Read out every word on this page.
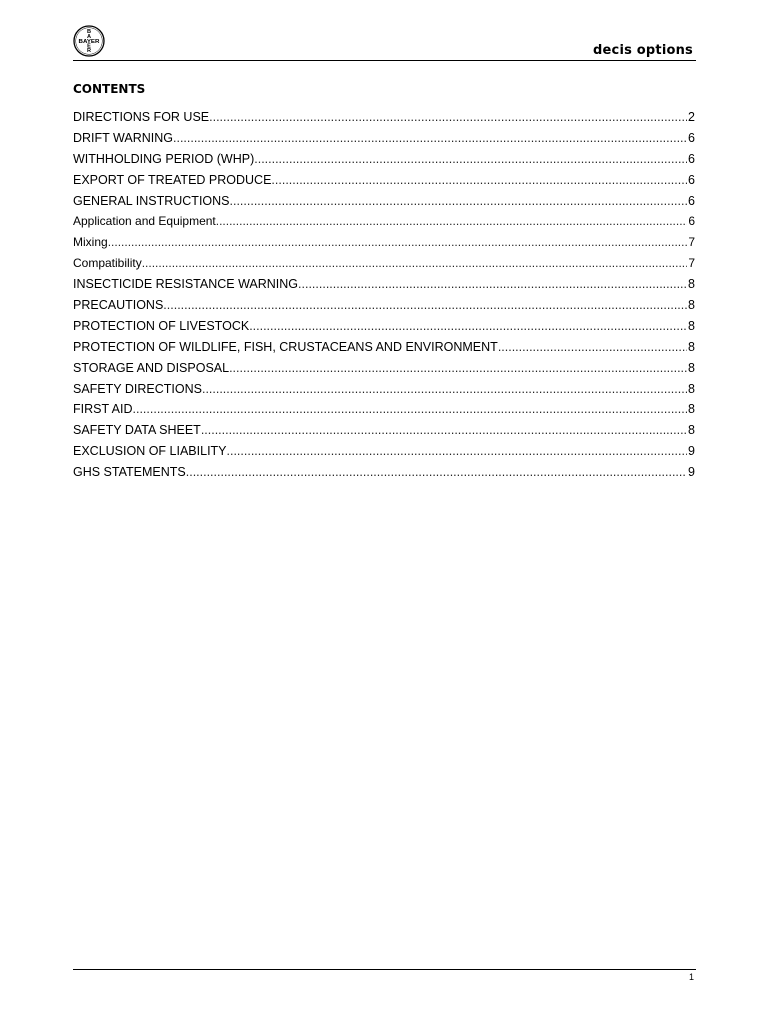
B
A
E
R
BAYER
decis options
CONTENTS
DIRECTIONS FOR USE .....	2
DRIFT WARNING .....	6
WITHHOLDING PERIOD (WHP) .....	6
EXPORT OF TREATED PRODUCE .....	6
GENERAL INSTRUCTIONS .....	6
Application and Equipment .....	6
Mixing .....	7
Compatibility .....	7
INSECTICIDE RESISTANCE WARNING .....	8
PRECAUTIONS .....	8
PROTECTION OF LIVESTOCK .....	8
PROTECTION OF WILDLIFE, FISH, CRUSTACEANS AND ENVIRONMENT .....	8
STORAGE AND DISPOSAL .....	8
SAFETY DIRECTIONS .....	8
FIRST AID .....	8
SAFETY DATA SHEET .....	8
EXCLUSION OF LIABILITY .....	9
GHS STATEMENTS .....	9
1
